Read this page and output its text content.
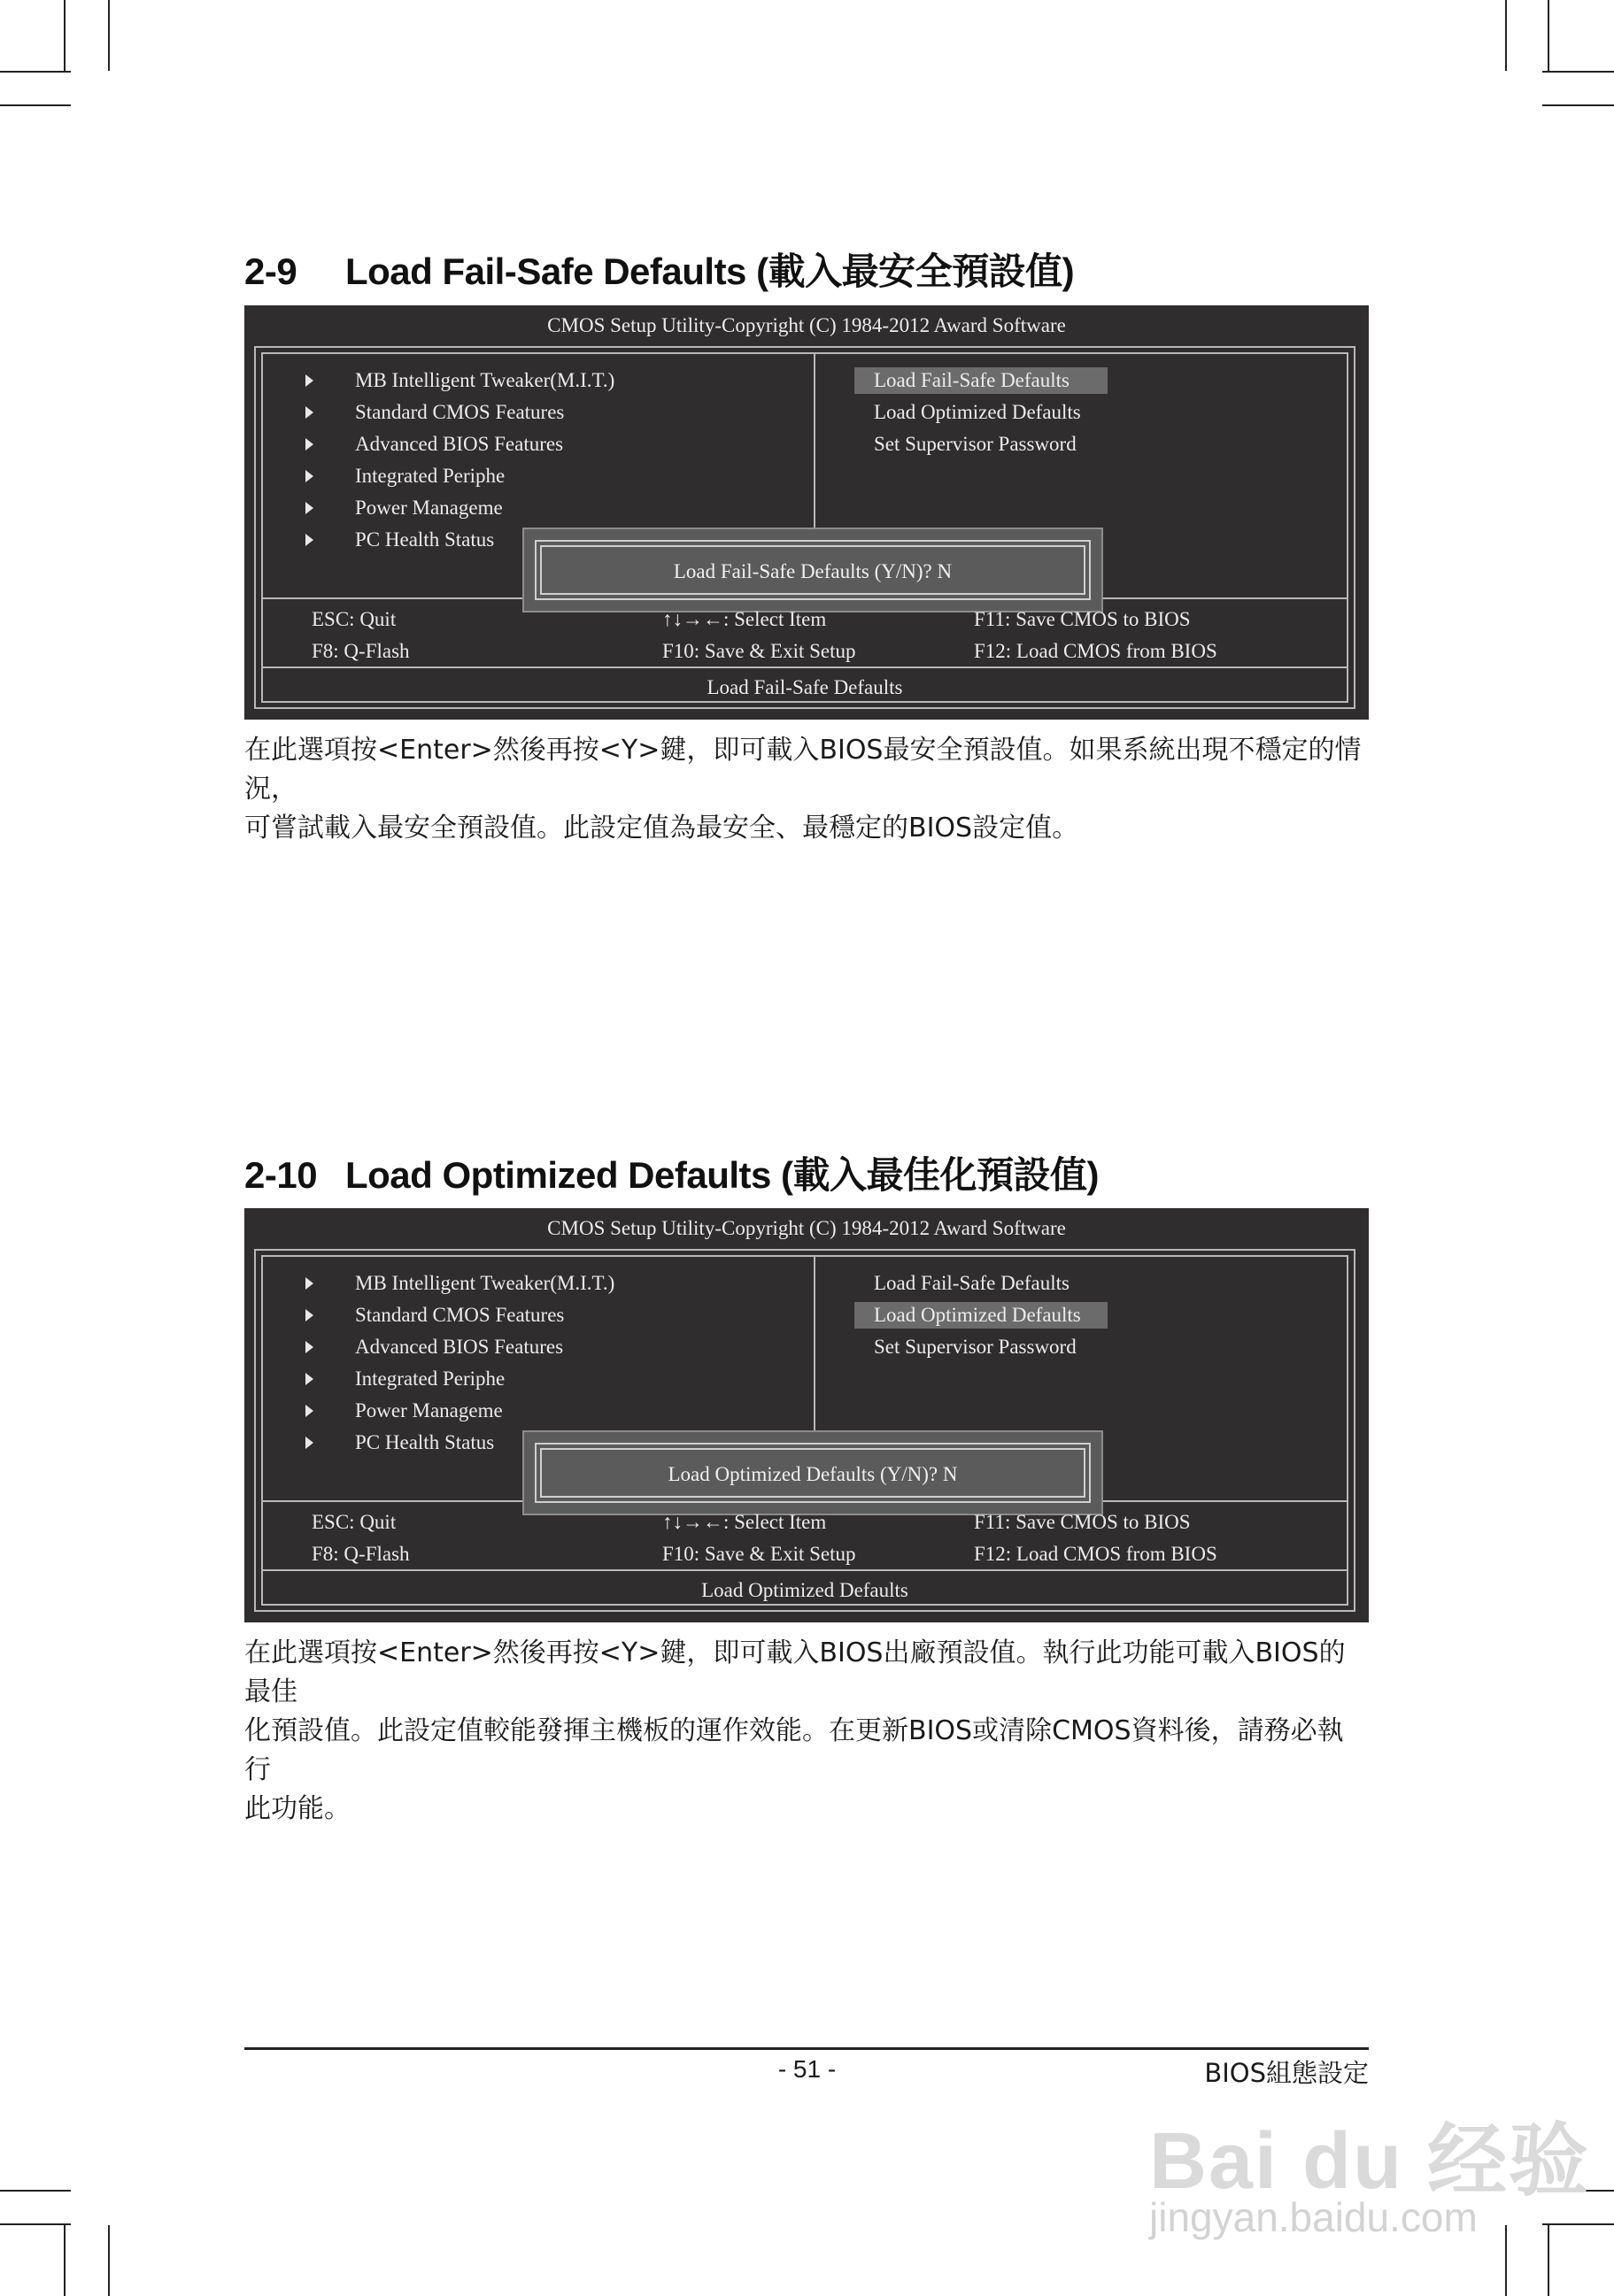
2-9 Load Fail-Safe Defaults (載入最安全預設值)
CMOS Setup Utility-Copyright (C) 1984-2012 Award Software
MB Intelligent Tweaker(M.I.T.)
Standard CMOS Features
Advanced BIOS Features
Integrated Periphe
Power Manageme
PC Health Status
Load Fail-Safe Defaults
Load Optimized Defaults
Set Supervisor Password
Load Fail-Safe Defaults (Y/N)? N
ESC: Quit
F8: Q-Flash
↑↓→←: Select Item
F10: Save & Exit Setup
F11: Save CMOS to BIOS
F12: Load CMOS from BIOS
Load Fail-Safe Defaults
在此選項按<Enter>然後再按<Y>鍵，即可載入BIOS最安全預設值。如果系統出現不穩定的情況，
可嘗試載入最安全預設值。此設定值為最安全、最穩定的BIOS設定值。
2-10 Load Optimized Defaults (載入最佳化預設值)
CMOS Setup Utility-Copyright (C) 1984-2012 Award Software
MB Intelligent Tweaker(M.I.T.)
Standard CMOS Features
Advanced BIOS Features
Integrated Periphe
Power Manageme
PC Health Status
Load Fail-Safe Defaults
Load Optimized Defaults
Set Supervisor Password
Load Optimized Defaults (Y/N)? N
ESC: Quit
F8: Q-Flash
↑↓→←: Select Item
F10: Save & Exit Setup
F11: Save CMOS to BIOS
F12: Load CMOS from BIOS
Load Optimized Defaults
在此選項按<Enter>然後再按<Y>鍵，即可載入BIOS出廠預設值。執行此功能可載入BIOS的最佳
化預設值。此設定值較能發揮主機板的運作效能。在更新BIOS或清除CMOS資料後，請務必執行
此功能。
- 51 -	BIOS組態設定
Bai du 经验
jingyan.baidu.com
